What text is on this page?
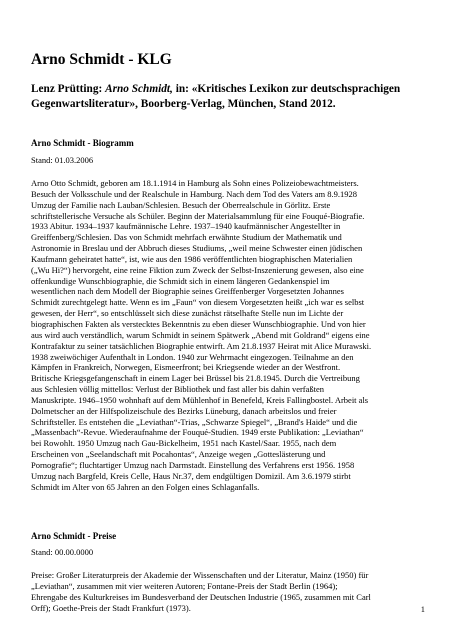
Arno Schmidt - KLG
Lenz Prütting: Arno Schmidt, in: «Kritisches Lexikon zur deutschsprachigen
Gegenwartsliteratur», Boorberg-Verlag, München, Stand 2012.
Arno Schmidt - Biogramm
Stand: 01.03.2006
Arno Otto Schmidt, geboren am 18.1.1914 in Hamburg als Sohn eines Polizeiobewachtmeisters.
Besuch der Volksschule und der Realschule in Hamburg. Nach dem Tod des Vaters am 8.9.1928
Umzug der Familie nach Lauban/Schlesien. Besuch der Oberrealschule in Görlitz. Erste
schriftstellerische Versuche als Schüler. Beginn der Materialsammlung für eine Fouqué-Biografie.
1933 Abitur. 1934–1937 kaufmännische Lehre. 1937–1940 kaufmännischer Angestellter in
Greiffenberg/Schlesien. Das von Schmidt mehrfach erwähnte Studium der Mathematik und
Astronomie in Breslau und der Abbruch dieses Studiums, „weil meine Schwester einen jüdischen
Kaufmann geheiratet hatte“, ist, wie aus den 1986 veröffentlichten biographischen Materialien
(„Wu Hi?“) hervorgeht, eine reine Fiktion zum Zweck der Selbst-Inszenierung gewesen, also eine
offenkundige Wunschbiographie, die Schmidt sich in einem längeren Gedankenspiel im
wesentlichen nach dem Modell der Biographie seines Greiffenberger Vorgesetzten Johannes
Schmidt zurechtgelegt hatte. Wenn es im „Faun“ von diesem Vorgesetzten heißt „ich war es selbst
gewesen, der Herr“, so entschlüsselt sich diese zunächst rätselhafte Stelle nun im Lichte der
biographischen Fakten als verstecktes Bekenntnis zu eben dieser Wunschbiographie. Und von hier
aus wird auch verständlich, warum Schmidt in seinem Spätwerk „Abend mit Goldrand“ eigens eine
Kontrafaktur zu seiner tatsächlichen Biographie entwirft. Am 21.8.1937 Heirat mit Alice Murawski.
1938 zweiwöchiger Aufenthalt in London. 1940 zur Wehrmacht eingezogen. Teilnahme an den
Kämpfen in Frankreich, Norwegen, Eismeerfront; bei Kriegsende wieder an der Westfront.
Britische Kriegsgefangenschaft in einem Lager bei Brüssel bis 21.8.1945. Durch die Vertreibung
aus Schlesien völlig mittellos: Verlust der Bibliothek und fast aller bis dahin verfaßten
Manuskripte. 1946–1950 wohnhaft auf dem Mühlenhof in Benefeld, Kreis Fallingbostel. Arbeit als
Dolmetscher an der Hilfspolizeischule des Bezirks Lüneburg, danach arbeitslos und freier
Schriftsteller. Es entstehen die „Leviathan“-Trias, „Schwarze Spiegel“, „Brand's Haide“ und die
„Massenbach“-Revue. Wiederaufnahme der Fouqué-Studien. 1949 erste Publikation: „Leviathan“
bei Rowohlt. 1950 Umzug nach Gau-Bickelheim, 1951 nach Kastel/Saar. 1955, nach dem
Erscheinen von „Seelandschaft mit Pocahontas“, Anzeige wegen „Gotteslästerung und
Pornografie“; fluchtartiger Umzug nach Darmstadt. Einstellung des Verfahrens erst 1956. 1958
Umzug nach Bargfeld, Kreis Celle, Haus Nr.37, dem endgültigen Domizil. Am 3.6.1979 stirbt
Schmidt im Alter von 65 Jahren an den Folgen eines Schlaganfalls.
Arno Schmidt - Preise
Stand: 00.00.0000
Preise: Großer Literaturpreis der Akademie der Wissenschaften und der Literatur, Mainz (1950) für
„Leviathan“, zusammen mit vier weiteren Autoren; Fontane-Preis der Stadt Berlin (1964);
Ehrengabe des Kulturkreises im Bundesverband der Deutschen Industrie (1965, zusammen mit Carl
Orff); Goethe-Preis der Stadt Frankfurt (1973).	1
